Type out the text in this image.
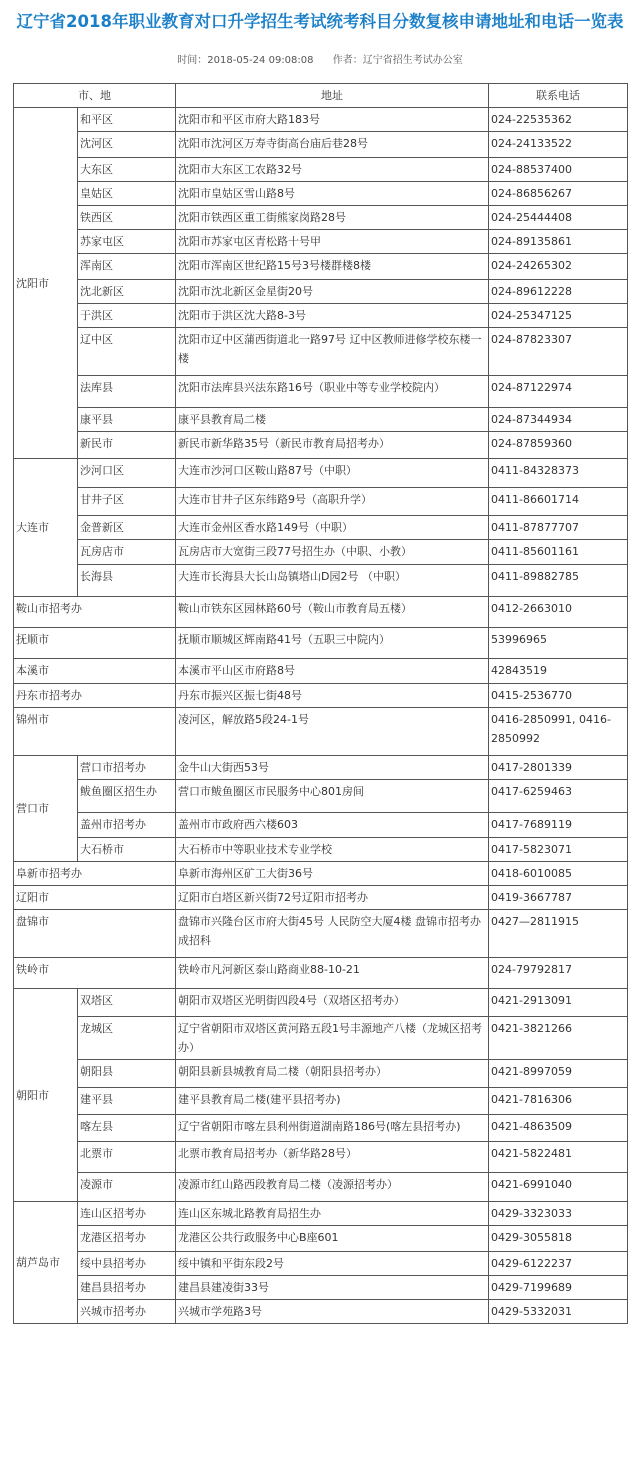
辽宁省2018年职业教育对口升学招生考试统考科目分数复核申请地址和电话一览表
时间：2018-05-24 09:08:08 作者：辽宁省招生考试办公室
市、地		地址	联系电话
沈阳市	和平区	沈阳市和平区市府大路183号	024-22535362
	沈河区	沈阳市沈河区万寿寺街高台庙后巷28号	024-24133522
	大东区	沈阳市大东区工农路32号	024-88537400
	皇姑区	沈阳市皇姑区雪山路8号	024-86856267
	铁西区	沈阳市铁西区重工街熊家岗路28号	024-25444408
	苏家屯区	沈阳市苏家屯区青松路十号甲	024-89135861
	浑南区	沈阳市浑南区世纪路15号3号楼群楼8楼	024-24265302
	沈北新区	沈阳市沈北新区金星街20号	024-89612228
	于洪区	沈阳市于洪区沈大路8-3号	024-25347125
	辽中区	沈阳市辽中区蒲西街道北一路97号 辽中区教师进修学校东楼一楼	024-87823307
	法库县	沈阳市法库县兴法东路16号（职业中等专业学校院内）	024-87122974
	康平县	康平县教育局二楼	024-87344934
	新民市	新民市新华路35号（新民市教育局招考办）	024-87859360
大连市	沙河口区	大连市沙河口区鞍山路87号（中职）	0411-84328373
	甘井子区	大连市甘井子区东纬路9号（高职升学）	0411-86601714
	金普新区	大连市金州区香水路149号（中职）	0411-87877707
	瓦房店市	瓦房店市大宽街三段77号招生办（中职、小教）	0411-85601161
	长海县	大连市长海县大长山岛镇塔山D园2号 （中职）	0411-89882785
鞍山市招考办		鞍山市铁东区园林路60号（鞍山市教育局五楼）	0412-2663010
抚顺市		抚顺市顺城区辉南路41号（五职三中院内）	53996965
本溪市		本溪市平山区市府路8号	42843519
丹东市招考办		丹东市振兴区振七街48号	0415-2536770
锦州市		凌河区，解放路5段24-1号	0416-2850991, 0416-2850992
营口市	营口市招考办	金牛山大街西53号	0417-2801339
	鲅鱼圈区招生办	营口市鲅鱼圈区市民服务中心801房间	0417-6259463
	盖州市招考办	盖州市市政府西六楼603	0417-7689119
	大石桥市	大石桥市中等职业技术专业学校	0417-5823071
阜新市招考办		阜新市海州区矿工大街36号	0418-6010085
辽阳市		辽阳市白塔区新兴街72号辽阳市招考办	0419-3667787
盘锦市		盘锦市兴隆台区市府大街45号 人民防空大厦4楼 盘锦市招考办成招科	0427—2811915
铁岭市		铁岭市凡河新区泰山路商业88-10-21	024-79792817
朝阳市	双塔区	朝阳市双塔区光明街四段4号（双塔区招考办）	0421-2913091
	龙城区	辽宁省朝阳市双塔区黄河路五段1号丰源地产八楼（龙城区招考办）	0421-3821266
	朝阳县	朝阳县新县城教育局二楼（朝阳县招考办）	0421-8997059
	建平县	建平县教育局二楼(建平县招考办)	0421-7816306
	喀左县	辽宁省朝阳市喀左县利州街道湖南路186号(喀左县招考办)	0421-4863509
	北票市	北票市教育局招考办（新华路28号）	0421-5822481
	凌源市	凌源市红山路西段教育局二楼（凌源招考办）	0421-6991040
葫芦岛市	连山区招考办	连山区东城北路教育局招生办	0429-3323033
	龙港区招考办	龙港区公共行政服务中心B座601	0429-3055818
	绥中县招考办	绥中镇和平街东段2号	0429-6122237
	建昌县招考办	建昌县建凌街33号	0429-7199689
	兴城市招考办	兴城市学苑路3号	0429-5332031
